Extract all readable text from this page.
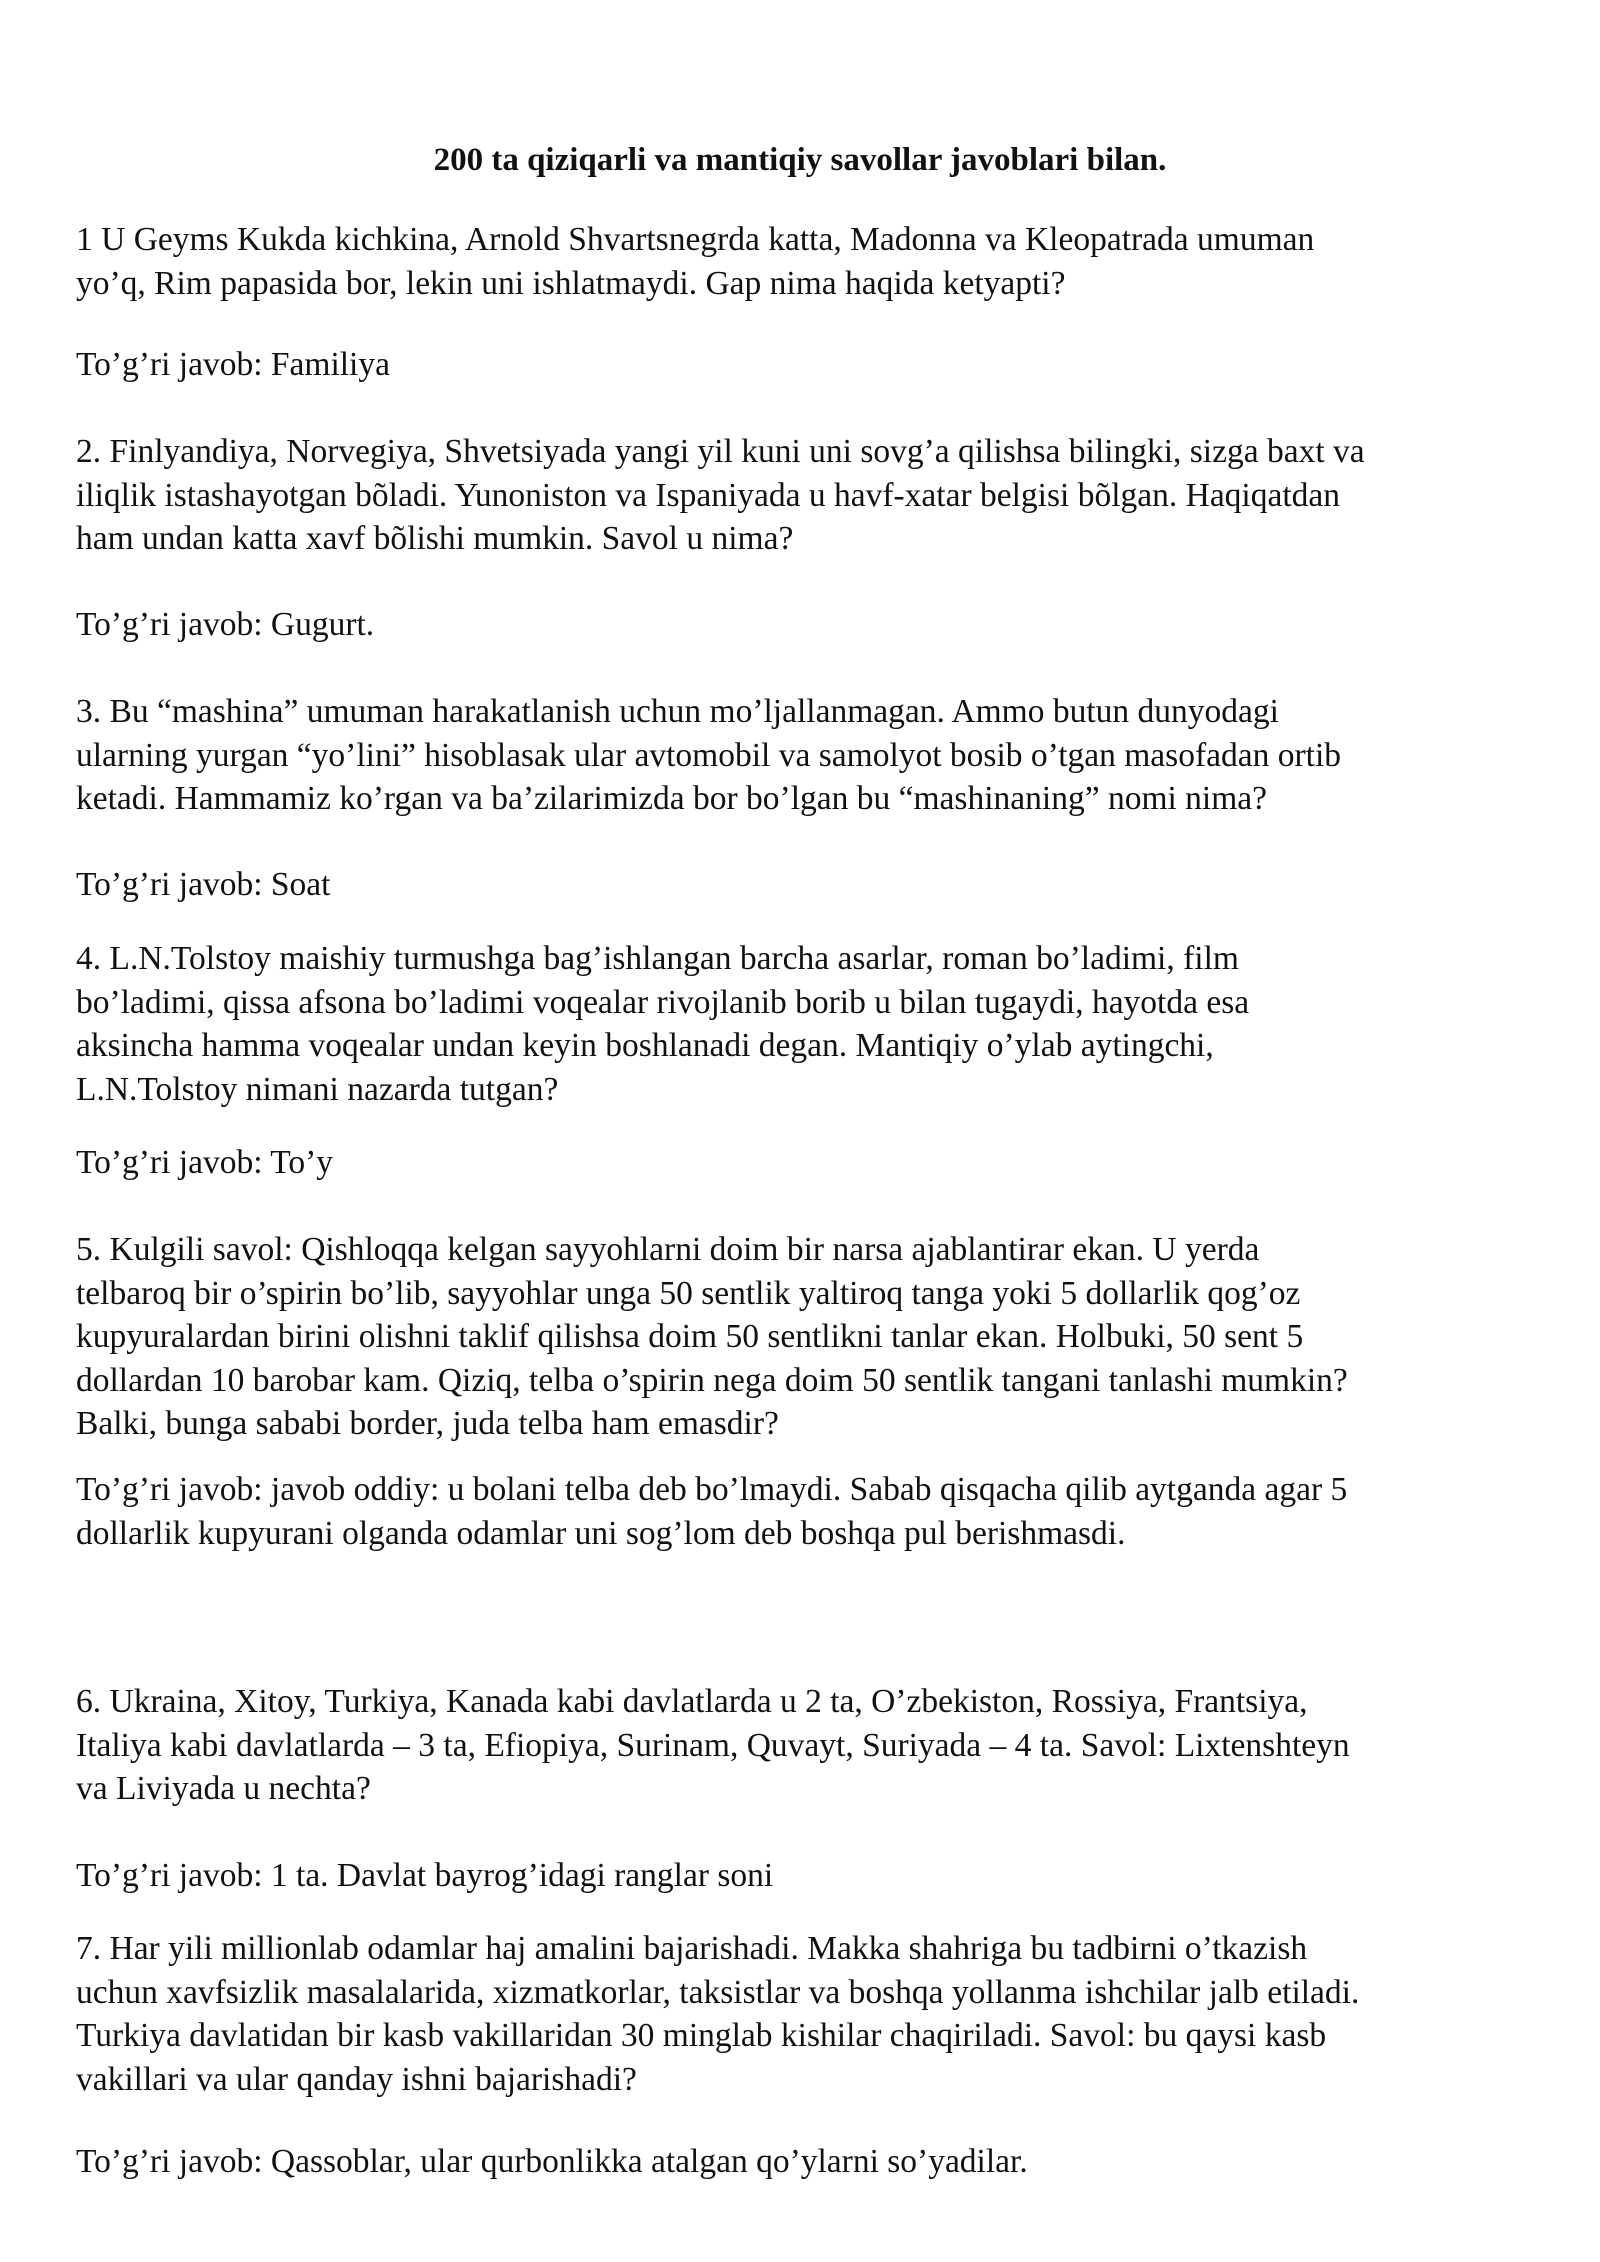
200 ta qiziqarli va mantiqiy savollar javoblari bilan.
1 U Geyms Kukda kichkina, Arnold Shvartsnegrda katta, Madonna va Kleopatrada umuman
yo’q, Rim papasida bor, lekin uni ishlatmaydi. Gap nima haqida ketyapti?
To’g’ri javob: Familiya
2. Finlyandiya, Norvegiya, Shvetsiyada yangi yil kuni uni sovg’a qilishsa bilingki, sizga baxt va
iliqlik istashayotgan bõladi. Yunoniston va Ispaniyada u havf-xatar belgisi bõlgan. Haqiqatdan
ham undan katta xavf bõlishi mumkin. Savol u nima?
To’g’ri javob: Gugurt.
3. Bu “mashina” umuman harakatlanish uchun mo’ljallanmagan. Ammo butun dunyodagi
ularning yurgan “yo’lini” hisoblasak ular avtomobil va samolyot bosib o’tgan masofadan ortib
ketadi. Hammamiz ko’rgan va ba’zilarimizda bor bo’lgan bu “mashinaning” nomi nima?
To’g’ri javob: Soat
4. L.N.Tolstoy maishiy turmushga bag’ishlangan barcha asarlar, roman bo’ladimi, film
bo’ladimi, qissa afsona bo’ladimi voqealar rivojlanib borib u bilan tugaydi, hayotda esa
aksincha hamma voqealar undan keyin boshlanadi degan. Mantiqiy o’ylab aytingchi,
L.N.Tolstoy nimani nazarda tutgan?
To’g’ri javob: To’y
5. Kulgili savol: Qishloqqa kelgan sayyohlarni doim bir narsa ajablantirar ekan. U yerda
telbaroq bir o’spirin bo’lib, sayyohlar unga 50 sentlik yaltiroq tanga yoki 5 dollarlik qog’oz
kupyuralardan birini olishni taklif qilishsa doim 50 sentlikni tanlar ekan. Holbuki, 50 sent 5
dollardan 10 barobar kam. Qiziq, telba o’spirin nega doim 50 sentlik tangani tanlashi mumkin?
Balki, bunga sababi border, juda telba ham emasdir?
To’g’ri javob: javob oddiy: u bolani telba deb bo’lmaydi. Sabab qisqacha qilib aytganda agar 5
dollarlik kupyurani olganda odamlar uni sog’lom deb boshqa pul berishmasdi.
6. Ukraina, Xitoy, Turkiya, Kanada kabi davlatlarda u 2 ta, O’zbekiston, Rossiya, Frantsiya,
Italiya kabi davlatlarda – 3 ta, Efiopiya, Surinam, Quvayt, Suriyada – 4 ta. Savol: Lixtenshteyn
va Liviyada u nechta?
To’g’ri javob: 1 ta. Davlat bayrog’idagi ranglar soni
7. Har yili millionlab odamlar haj amalini bajarishadi. Makka shahriga bu tadbirni o’tkazish
uchun xavfsizlik masalalarida, xizmatkorlar, taksistlar va boshqa yollanma ishchilar jalb etiladi.
Turkiya davlatidan bir kasb vakillaridan 30 minglab kishilar chaqiriladi. Savol: bu qaysi kasb
vakillari va ular qanday ishni bajarishadi?
To’g’ri javob: Qassoblar, ular qurbonlikka atalgan qo’ylarni so’yadilar.
